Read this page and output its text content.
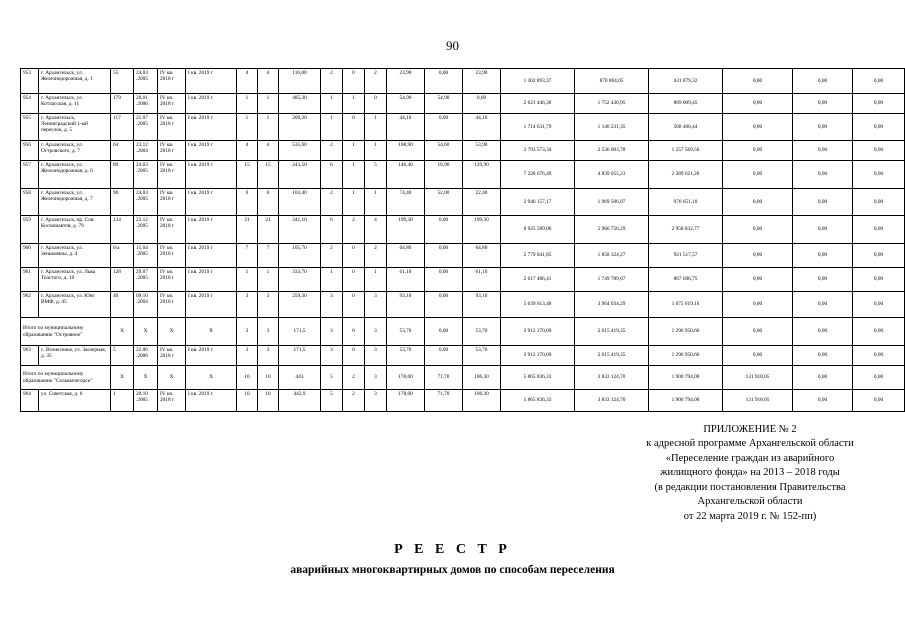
90
953	г. Архангельск, ул. Железнодорожная, д. 1	55	24.03 .2005	IV кв. 2018 г	I кв. 2019 г	4	4	116,80	2	0	2	23,90	0,00	23,90	1 302 893,37	870 804,05	431 879,32	0,00	0,00	0,00
954	г. Архангельск, ул. Котласская, д. 11	179	26.01 .2006	IV кв. 2018 г	I кв. 2019 г	1	1	485,30	1	1	0	54,90	54,90	0,00	2 621 446,30	1 752 436,95	869 009,45	0,00	0,00	0,00
955	г. Архангельск, Ленинградский 1-ый переулок, д. 5	117	21.07 .2005	IV кв. 2018 г	I кв. 2019 г	1	1	209,20	1	0	1	44,10	0,00	44,10	1 714 631,79	1 146 231,35	568 400,44	0,00	0,00	0,00
956	г. Архангельск, ул. Островского, д. 7	64	23.12 .2004	IV кв. 2018 г	I кв. 2019 г	4	4	535,60	2	1	1	108,90	54,60	53,90	3 793 573,34	2 536 003,78	1 257 569,56	0,00	0,00	0,00
957	г. Архангельск, ул. Железнодорожная, д. 6	89	24.03 .2005	IV кв. 2018 г	I кв. 2019 г	15	15	243,50	6	1	5	146,40	16,90	129,90	7 228 676,49	4 839 055,23	2 389 621,26	0,00	0,00	0,00
958	г. Архангельск, ул. Железнодорожная, д. 7	90	24.03 .2005	IV кв. 2018 г	I кв. 2019 г	6	6	103,40	2	1	1	74,40	52,00	22,40	2 946 157,17	1 969 506,07	976 651,10	0,00	0,00	0,00
959	г. Архангельск, пр. Сов. Космонавтов, д. 79	134	22.12 .2005	IV кв. 2018 г	I кв. 2019 г	21	21	341,10	6	2	4	199,30	0,00	199,30	8 925 589,06	5 966 756,29	2 958 832,77	0,00	0,00	0,00
960	г. Архангельск, ул. Зеньковича, д. 4	6/а	15.04 .2005	IV кв. 2018 г	I кв. 2019 г	7	7	105,70	2	0	2	64,80	0,00	64,80	2 779 841,85	1 858 324,27	921 517,57	0,00	0,00	0,00
961	г. Архангельск, ул. Льва Толстого, д. 10	128	29.07 .2005	IV кв. 2018 г	I кв. 2019 г	1	1	333,70	1	0	1	61,10	0,00	61,10	2 617 486,41	1 749 789,67	867 696,75	0,00	0,00	0,00
962	г. Архангельск, ул. Юнг ВМФ, д. 45	40	09.10 .2004	IV кв. 2018 г	I кв. 2019 г	3	3	259,30	3	0	3	93,10	0,00	93,10	5 039 613,48	3 964 034,29	1 075 619,16	0,00	0,00	0,00
Итого по муниципальному образованию "Островное"		X	X	X	X	3	3	171,5	3	0	3	53,70	0,00	53,70	3 912 370,00	2 615 419,35	1 296 950,66	0,00	0,00	0,00
963	с. Вознесенье, ул. Заозерная, д. 35	5	22.06 .2006	IV кв. 2018 г	I кв. 2019 г	3	3	171,5	3	0	3	53,70	0,00	53,70	3 912 370,00	2 615 419,35	1 296 950,66	0,00	0,00	0,00
Итого по муниципальному образованию "Сольвычегодск"		X	X	X	X	10	10	443	5	2	3	178,00	71,70	106,30	5 865 836,33	3 833 124,70	1 900 794,08	131 918,05	0,00	0,00
964	ул. Советская, д. 6	1	20.10 .2005	IV кв. 2018 г	I кв. 2019 г	10	10	442,9	5	2	3	178,00	71,70	106,30	5 865 836,33	3 833 124,70	1 900 794,08	131 918,05	0,00	0,00
ПРИЛОЖЕНИЕ № 2
к адресной программе Архангельской области
«Переселение граждан из аварийного
жилищного фонда» на 2013 – 2018 годы
(в редакции постановления Правительства
Архангельской области
от 22 марта 2019 г. № 152-пп)
Р Е Е С Т Р
аварийных многоквартирных домов по способам переселения
